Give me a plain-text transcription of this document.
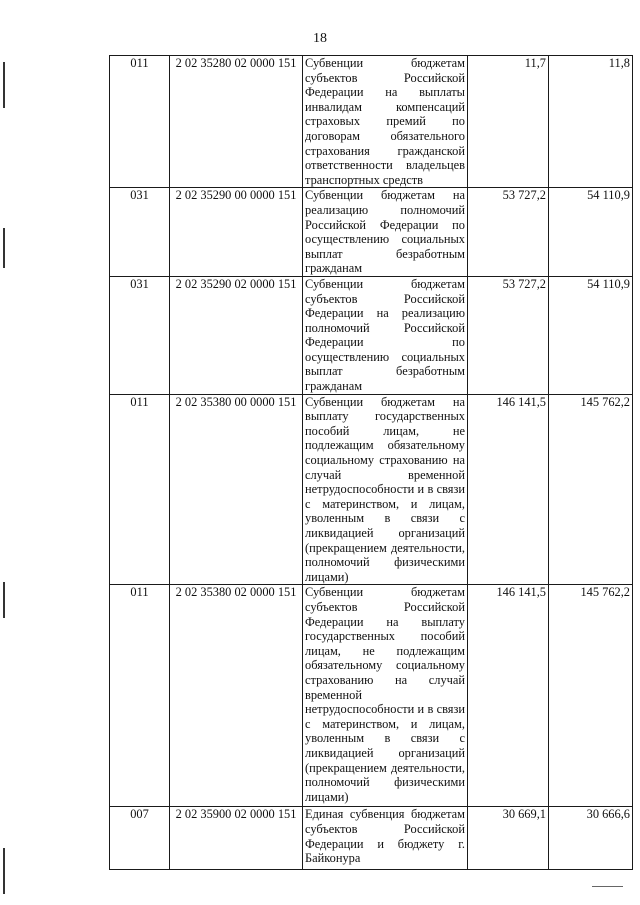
18
011	2 02 35280 02 0000 151	Субвенции бюджетам субъектов Российской Федерации на выплаты инвалидам компенсаций страховых премий по договорам обязательного страхования гражданской ответственности владельцев транспортных средств	11,7	11,8
031	2 02 35290 00 0000 151	Субвенции бюджетам на реализацию полномочий Российской Федерации по осуществлению социальных выплат безработным гражданам	53 727,2	54 110,9
031	2 02 35290 02 0000 151	Субвенции бюджетам субъектов Российской Федерации на реализацию полномочий Российской Федерации по осуществлению социальных выплат безработным гражданам	53 727,2	54 110,9
011	2 02 35380 00 0000 151	Субвенции бюджетам на выплату государственных пособий лицам, не подлежащим обязательному социальному страхованию на случай временной нетрудоспособности и в связи с материнством, и лицам, уволенным в связи с ликвидацией организаций (прекращением деятельности, полномочий физическими лицами)	146 141,5	145 762,2
011	2 02 35380 02 0000 151	Субвенции бюджетам субъектов Российской Федерации на выплату государственных пособий лицам, не подлежащим обязательному социальному страхованию на случай временной нетрудоспособности и в связи с материнством, и лицам, уволенным в связи с ликвидацией организаций (прекращением деятельности, полномочий физическими лицами)	146 141,5	145 762,2
007	2 02 35900 02 0000 151	Единая субвенция бюджетам субъектов Российской Федерации и бюджету г. Байконура	30 669,1	30 666,6
